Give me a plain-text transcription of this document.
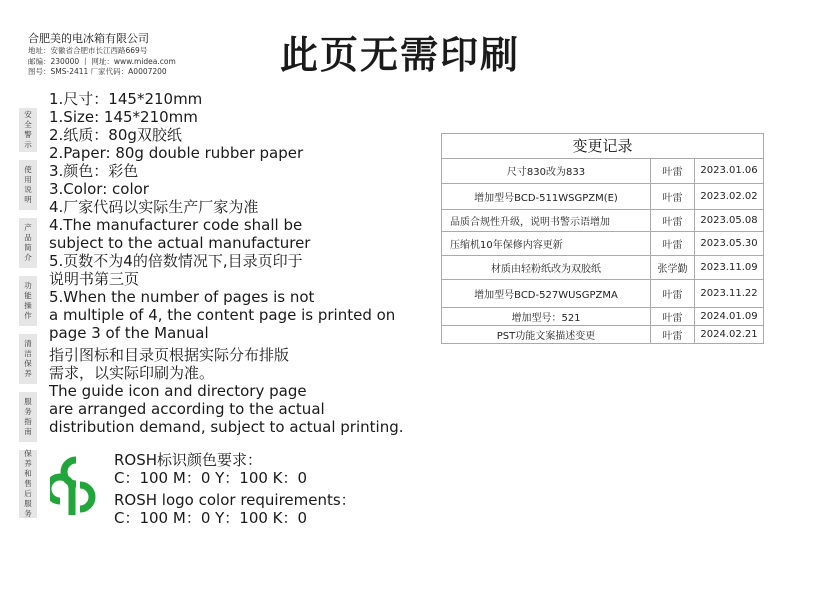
合肥美的电冰箱有限公司
地址：安徽省合肥市长江西路669号
邮编：230000 丨 网址：www.midea.com
图号：SMS-2411 厂家代码：A0007200	此页无需印刷
安全警示
使用说明
产品简介
功能操作
清洁保养
服务指南
保养和售后服务
1.尺寸：145*210mm
1.Size: 145*210mm
2.纸质：80g双胶纸
2.Paper: 80g double rubber paper
3.颜色：彩色
3.Color: color
4.厂家代码以实际生产厂家为准
4.The manufacturer code shall be
subject to the actual manufacturer
5.页数不为4的倍数情况下,目录页印于
说明书第三页
5.When the number of pages is not
a multiple of 4, the content page is printed on
page 3 of the Manual
指引图标和目录页根据实际分布排版
需求，以实际印刷为准。
The guide icon and directory page
are arranged according to the actual
distribution demand, subject to actual printing.
ROSH标识颜色要求：
C：100 M：0 Y：100 K：0
ROSH logo color requirements：
C：100 M：0 Y：100 K：0
变更记录
尺寸830改为833	叶雷	2023.01.06
增加型号BCD-511WSGPZM(E)	叶雷	2023.02.02
品质合规性升级，说明书警示语增加	叶雷	2023.05.08
压缩机10年保修内容更新	叶雷	2023.05.30
材质由轻粉纸改为双胶纸	张学勤	2023.11.09
增加型号BCD-527WUSGPZMA	叶雷	2023.11.22
增加型号：521	叶雷	2024.01.09
PST功能文案描述变更	叶雷	2024.02.21
